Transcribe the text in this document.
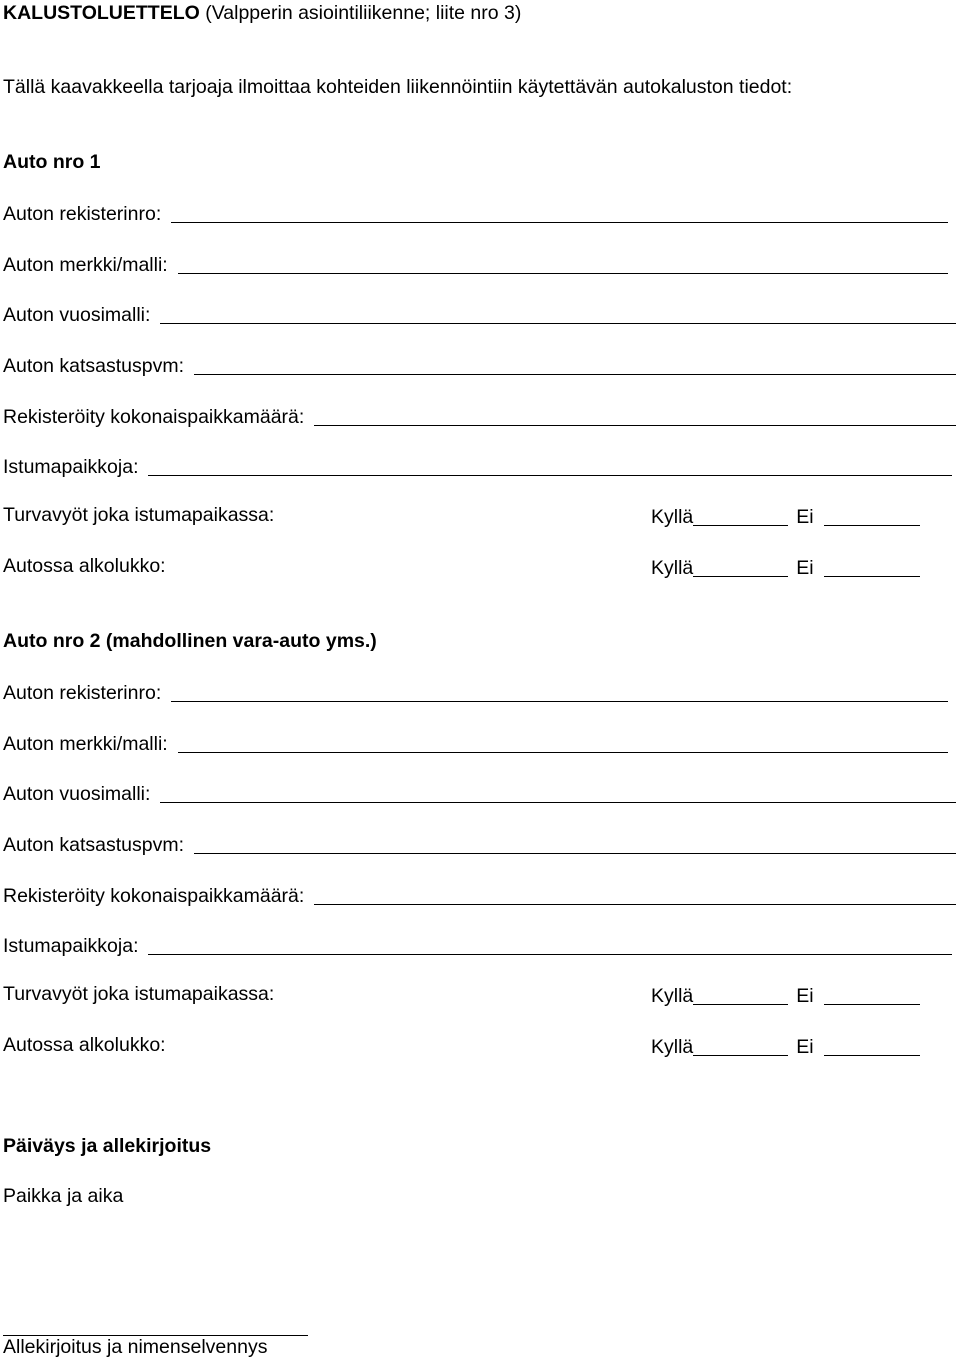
KALUSTOLUETTELO (Valpperin asiointiliikenne; liite nro 3)
Tällä kaavakkeella tarjoaja ilmoittaa kohteiden liikennöintiin käytettävän autokaluston tiedot:
Auto nro 1
Auton rekisterinro:
Auton merkki/malli:
Auton vuosimalli:
Auton katsastuspvm:
Rekisteröity kokonaispaikkamäärä:
Istumapaikkoja:
Turvavyöt joka istumapaikassa:	Kyllä	Ei
Autossa alkolukko:	Kyllä	Ei
Auto nro 2 (mahdollinen vara-auto yms.)
Auton rekisterinro:
Auton merkki/malli:
Auton vuosimalli:
Auton katsastuspvm:
Rekisteröity kokonaispaikkamäärä:
Istumapaikkoja:
Turvavyöt joka istumapaikassa:	Kyllä	Ei
Autossa alkolukko:	Kyllä	Ei
Päiväys ja allekirjoitus
Paikka ja aika
Allekirjoitus ja nimenselvennys
